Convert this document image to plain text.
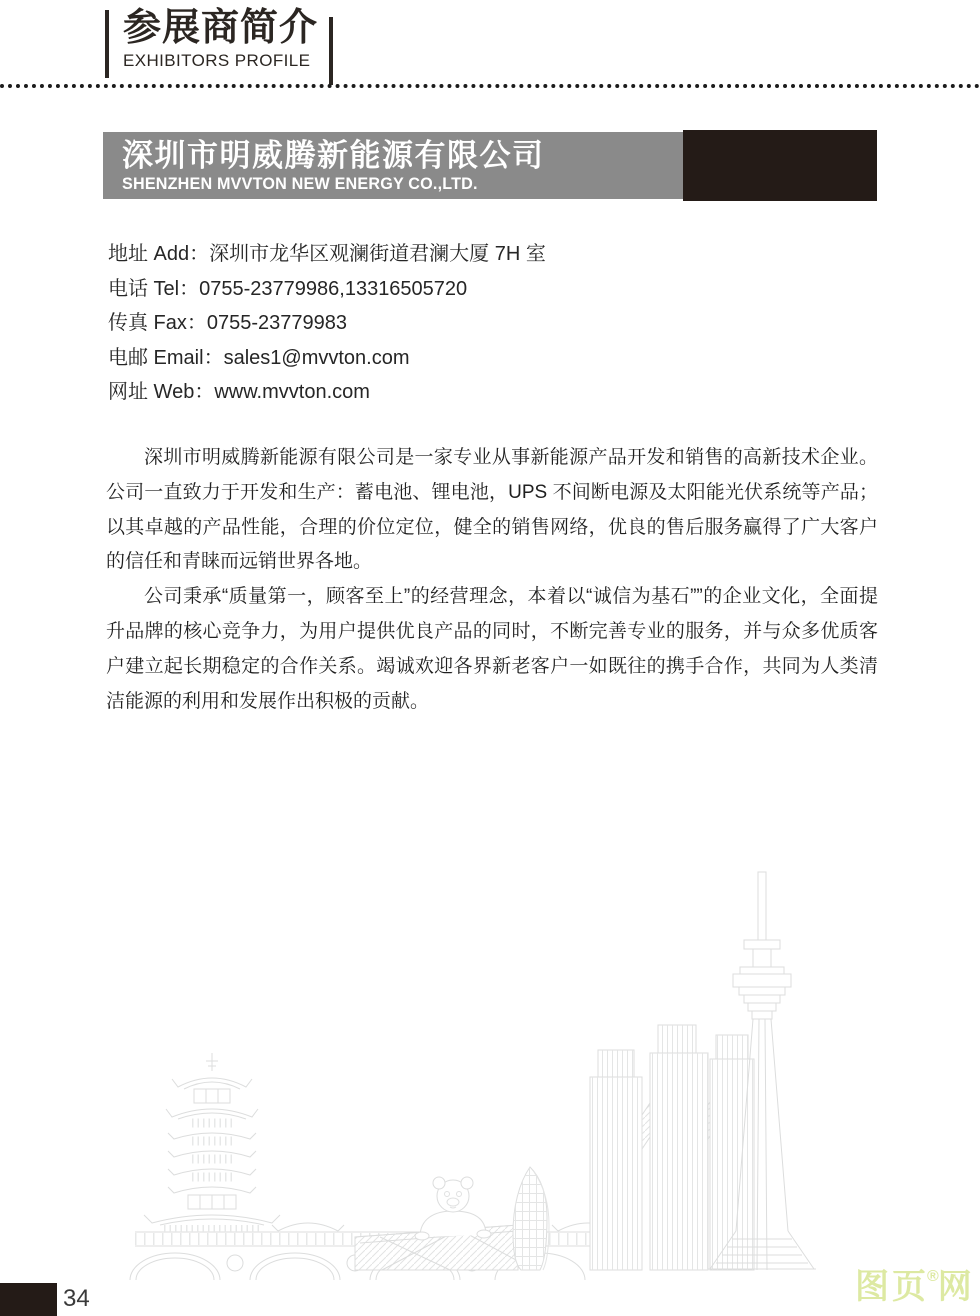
参展商简介
EXHIBITORS PROFILE
深圳市明威腾新能源有限公司
SHENZHEN MVVTON NEW ENERGY CO.,LTD.
地址 Add：深圳市龙华区观澜街道君澜大厦 7H 室
电话 Tel：0755-23779986,13316505720
传真 Fax：0755-23779983
电邮 Email：sales1@mvvton.com
网址 Web：www.mvvton.com

深圳市明威腾新能源有限公司是一家专业从事新能源产品开发和销售的高新技术企业。公司一直致力于开发和生产：蓄电池、锂电池，UPS 不间断电源及太阳能光伏系统等产品；以其卓越的产品性能，合理的价位定位，健全的销售网络，优良的售后服务赢得了广大客户的信任和青睐而远销世界各地。

公司秉承“质量第一，顾客至上”的经营理念，本着以“诚信为基石””的企业文化，全面提升品牌的核心竞争力，为用户提供优良产品的同时，不断完善专业的服务，并与众多优质客户建立起长期稳定的合作关系。竭诚欢迎各界新老客户一如既往的携手合作，共同为人类清洁能源的利用和发展作出积极的贡献。

34	图页®网
